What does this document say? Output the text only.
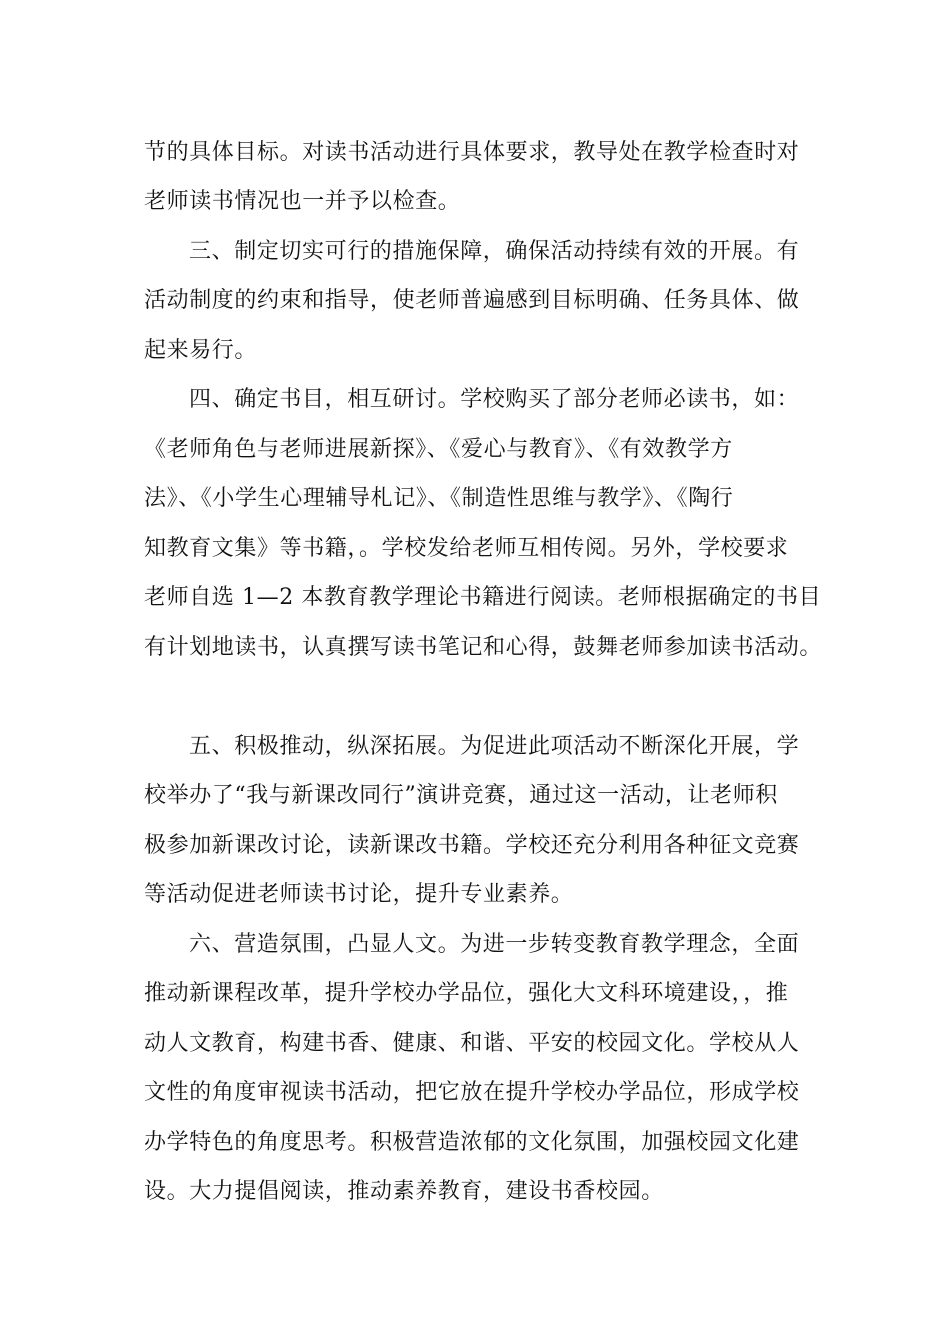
节的具体目标。对读书活动进行具体要求，教导处在教学检查时对
老师读书情况也一并予以检查。
三、制定切实可行的措施保障，确保活动持续有效的开展。有
活动制度的约束和指导，使老师普遍感到目标明确、任务具体、做
起来易行。
四、确定书目，相互研讨。学校购买了部分老师必读书，如：
《老师角色与老师进展新探》、《爱心与教育》、《有效教学方
法》、《小学生心理辅导札记》、《制造性思维与教学》、《陶行
知教育文集》等书籍，。学校发给老师互相传阅。另外，学校要求
老师自选 1—2 本教育教学理论书籍进行阅读。老师根据确定的书目
有计划地读书，认真撰写读书笔记和心得，鼓舞老师参加读书活动。
五、积极推动，纵深拓展。为促进此项活动不断深化开展，学
校举办了“我与新课改同行”演讲竞赛，通过这一活动，让老师积
极参加新课改讨论，读新课改书籍。学校还充分利用各种征文竞赛
等活动促进老师读书讨论，提升专业素养。
六、营造氛围，凸显人文。为进一步转变教育教学理念，全面
推动新课程改革，提升学校办学品位，强化大文科环境建设，，推
动人文教育，构建书香、健康、和谐、平安的校园文化。学校从人
文性的角度审视读书活动，把它放在提升学校办学品位，形成学校
办学特色的角度思考。积极营造浓郁的文化氛围，加强校园文化建
设。大力提倡阅读，推动素养教育，建设书香校园。
